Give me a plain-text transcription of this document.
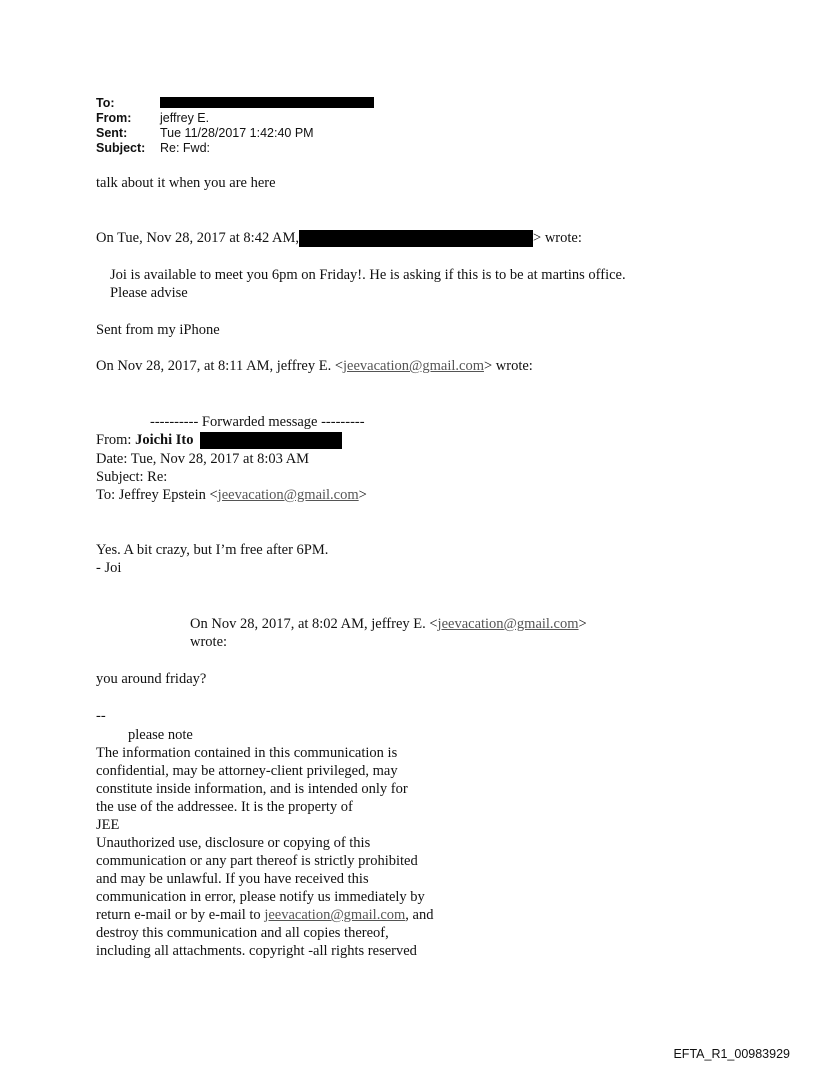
To:
From:	jeffrey E.
Sent:	Tue 11/28/2017 1:42:40 PM
Subject:	Re: Fwd:
talk about it when you are here
On Tue, Nov 28, 2017 at 8:42 AM,	> wrote:
Joi is available to meet you 6pm on Friday!. He is asking if this is to be at martins office.
Please advise
Sent from my iPhone
On Nov 28, 2017, at 8:11 AM, jeffrey E. <jeevacation@gmail.com> wrote:
---------- Forwarded message ---------
From: Joichi Ito
Date: Tue, Nov 28, 2017 at 8:03 AM
Subject: Re:
To: Jeffrey Epstein <jeevacation@gmail.com>
Yes. A bit crazy, but I’m free after 6PM.
- Joi
On Nov 28, 2017, at 8:02 AM, jeffrey E. <jeevacation@gmail.com>
wrote:
you around friday?
--
please note
The information contained in this communication is
confidential, may be attorney-client privileged, may
constitute inside information, and is intended only for
the use of the addressee. It is the property of
JEE
Unauthorized use, disclosure or copying of this
communication or any part thereof is strictly prohibited
and may be unlawful. If you have received this
communication in error, please notify us immediately by
return e-mail or by e-mail to jeevacation@gmail.com, and
destroy this communication and all copies thereof,
including all attachments. copyright -all rights reserved
EFTA_R1_00983929
